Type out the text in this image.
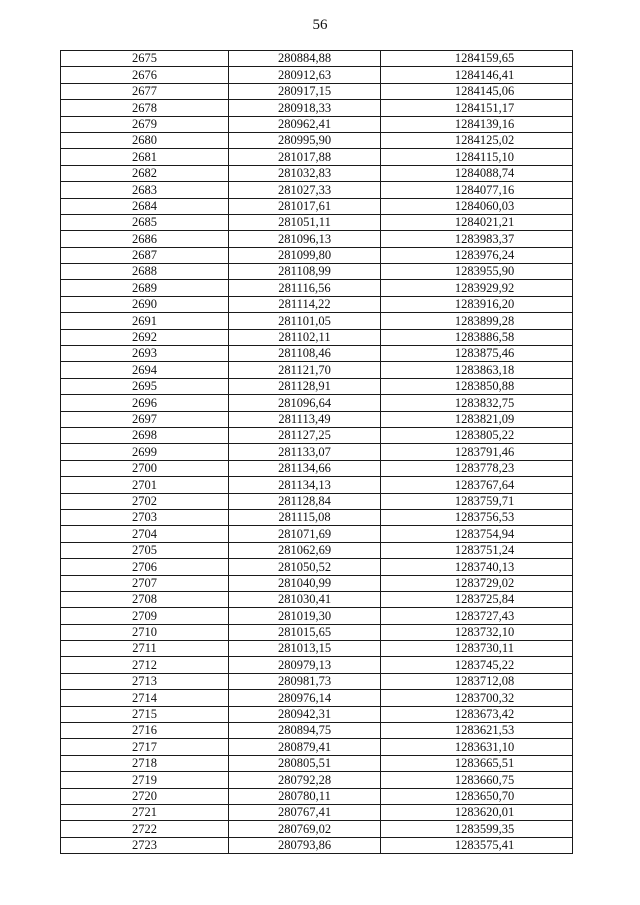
56
2675	280884,88	1284159,65
2676	280912,63	1284146,41
2677	280917,15	1284145,06
2678	280918,33	1284151,17
2679	280962,41	1284139,16
2680	280995,90	1284125,02
2681	281017,88	1284115,10
2682	281032,83	1284088,74
2683	281027,33	1284077,16
2684	281017,61	1284060,03
2685	281051,11	1284021,21
2686	281096,13	1283983,37
2687	281099,80	1283976,24
2688	281108,99	1283955,90
2689	281116,56	1283929,92
2690	281114,22	1283916,20
2691	281101,05	1283899,28
2692	281102,11	1283886,58
2693	281108,46	1283875,46
2694	281121,70	1283863,18
2695	281128,91	1283850,88
2696	281096,64	1283832,75
2697	281113,49	1283821,09
2698	281127,25	1283805,22
2699	281133,07	1283791,46
2700	281134,66	1283778,23
2701	281134,13	1283767,64
2702	281128,84	1283759,71
2703	281115,08	1283756,53
2704	281071,69	1283754,94
2705	281062,69	1283751,24
2706	281050,52	1283740,13
2707	281040,99	1283729,02
2708	281030,41	1283725,84
2709	281019,30	1283727,43
2710	281015,65	1283732,10
2711	281013,15	1283730,11
2712	280979,13	1283745,22
2713	280981,73	1283712,08
2714	280976,14	1283700,32
2715	280942,31	1283673,42
2716	280894,75	1283621,53
2717	280879,41	1283631,10
2718	280805,51	1283665,51
2719	280792,28	1283660,75
2720	280780,11	1283650,70
2721	280767,41	1283620,01
2722	280769,02	1283599,35
2723	280793,86	1283575,41
